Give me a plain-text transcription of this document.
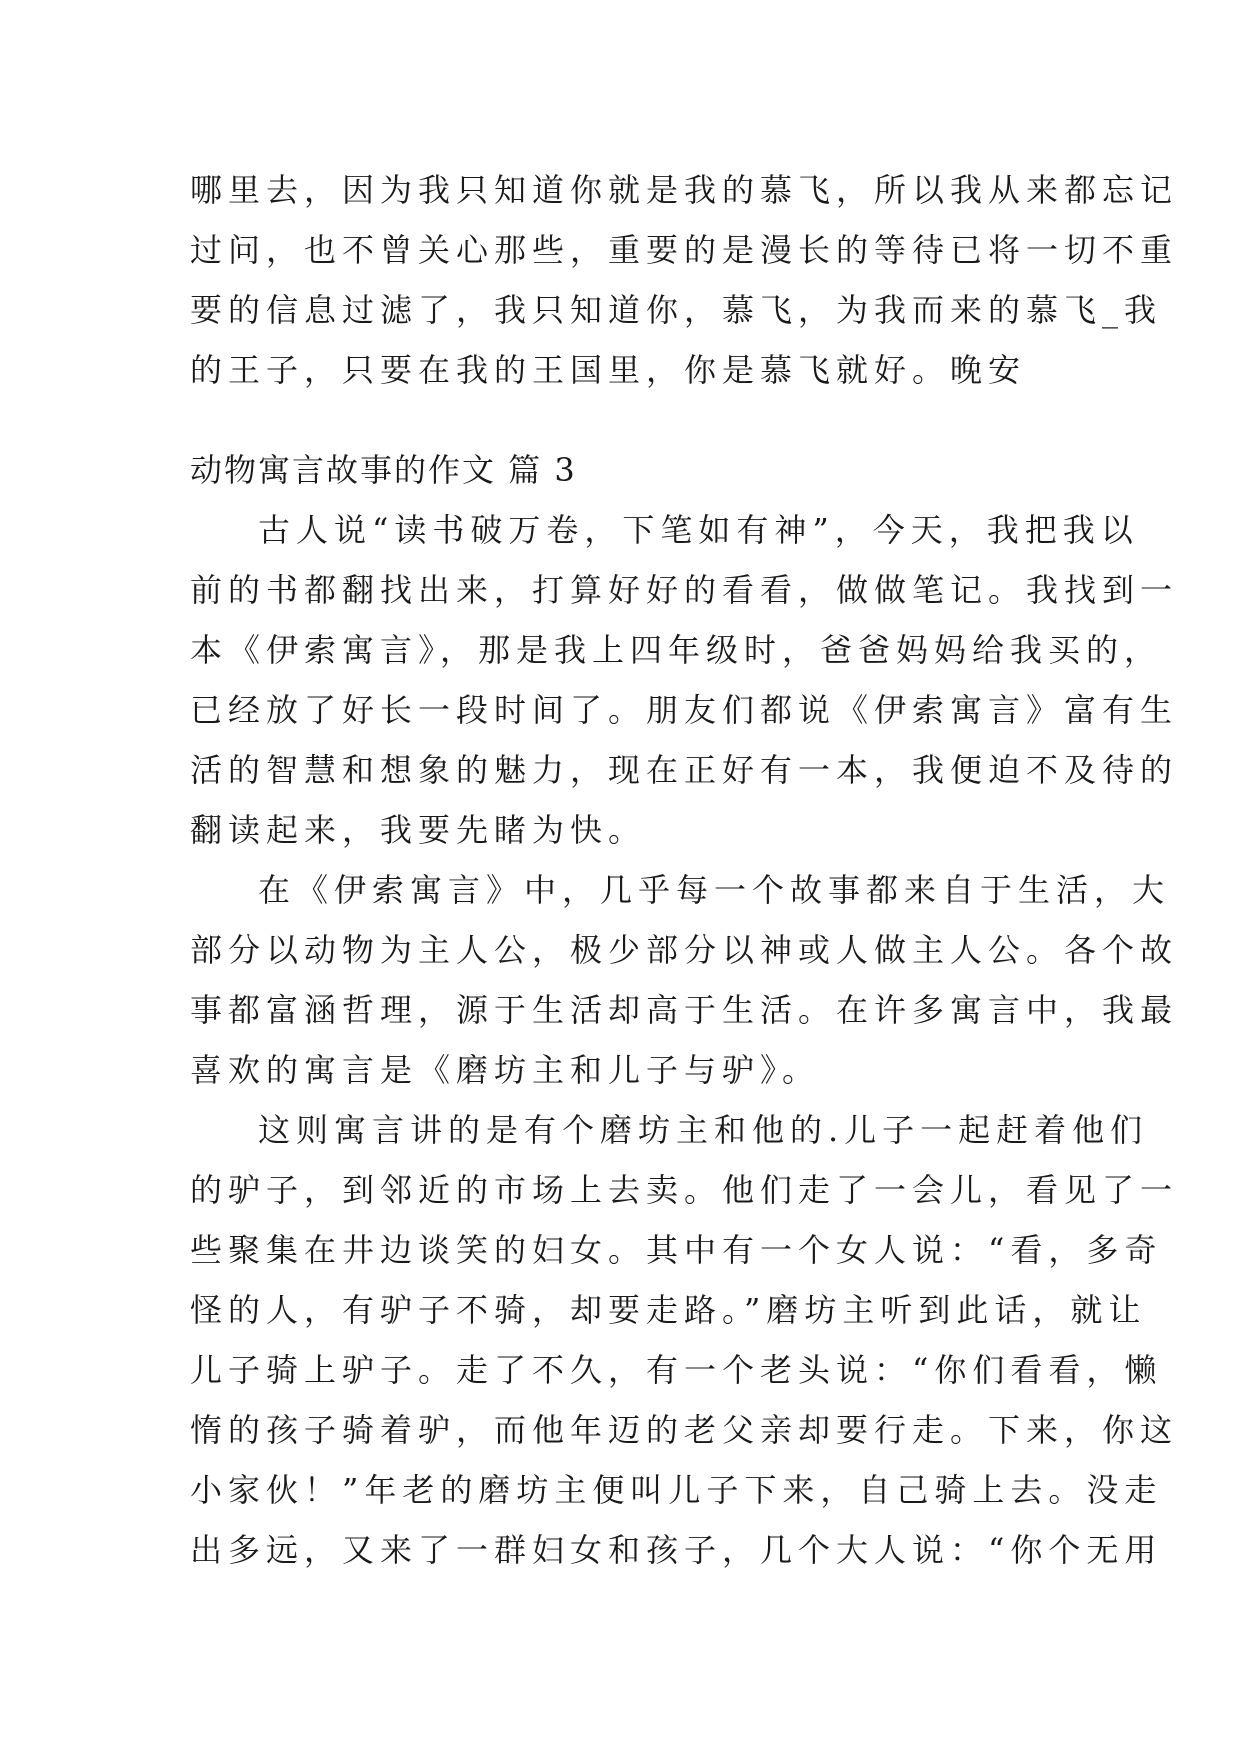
哪里去，因为我只知道你就是我的慕飞，所以我从来都忘记
过问，也不曾关心那些，重要的是漫长的等待已将一切不重
要的信息过滤了，我只知道你，慕飞，为我而来的慕飞_我
的王子，只要在我的王国里，你是慕飞就好。晚安
动物寓言故事的作文 篇 3
古人说“读书破万卷，下笔如有神”，今天，我把我以
前的书都翻找出来，打算好好的看看，做做笔记。我找到一
本《伊索寓言》，那是我上四年级时，爸爸妈妈给我买的，
已经放了好长一段时间了。朋友们都说《伊索寓言》富有生
活的智慧和想象的魅力，现在正好有一本，我便迫不及待的
翻读起来，我要先睹为快。
在《伊索寓言》中，几乎每一个故事都来自于生活，大
部分以动物为主人公，极少部分以神或人做主人公。各个故
事都富涵哲理，源于生活却高于生活。在许多寓言中，我最
喜欢的寓言是《磨坊主和儿子与驴》。
这则寓言讲的是有个磨坊主和他的.儿子一起赶着他们
的驴子，到邻近的市场上去卖。他们走了一会儿，看见了一
些聚集在井边谈笑的妇女。其中有一个女人说：“看，多奇
怪的人，有驴子不骑，却要走路。”磨坊主听到此话，就让
儿子骑上驴子。走了不久，有一个老头说：“你们看看，懒
惰的孩子骑着驴，而他年迈的老父亲却要行走。下来，你这
小家伙！”年老的磨坊主便叫儿子下来，自己骑上去。没走
出多远，又来了一群妇女和孩子，几个大人说：“你个无用
